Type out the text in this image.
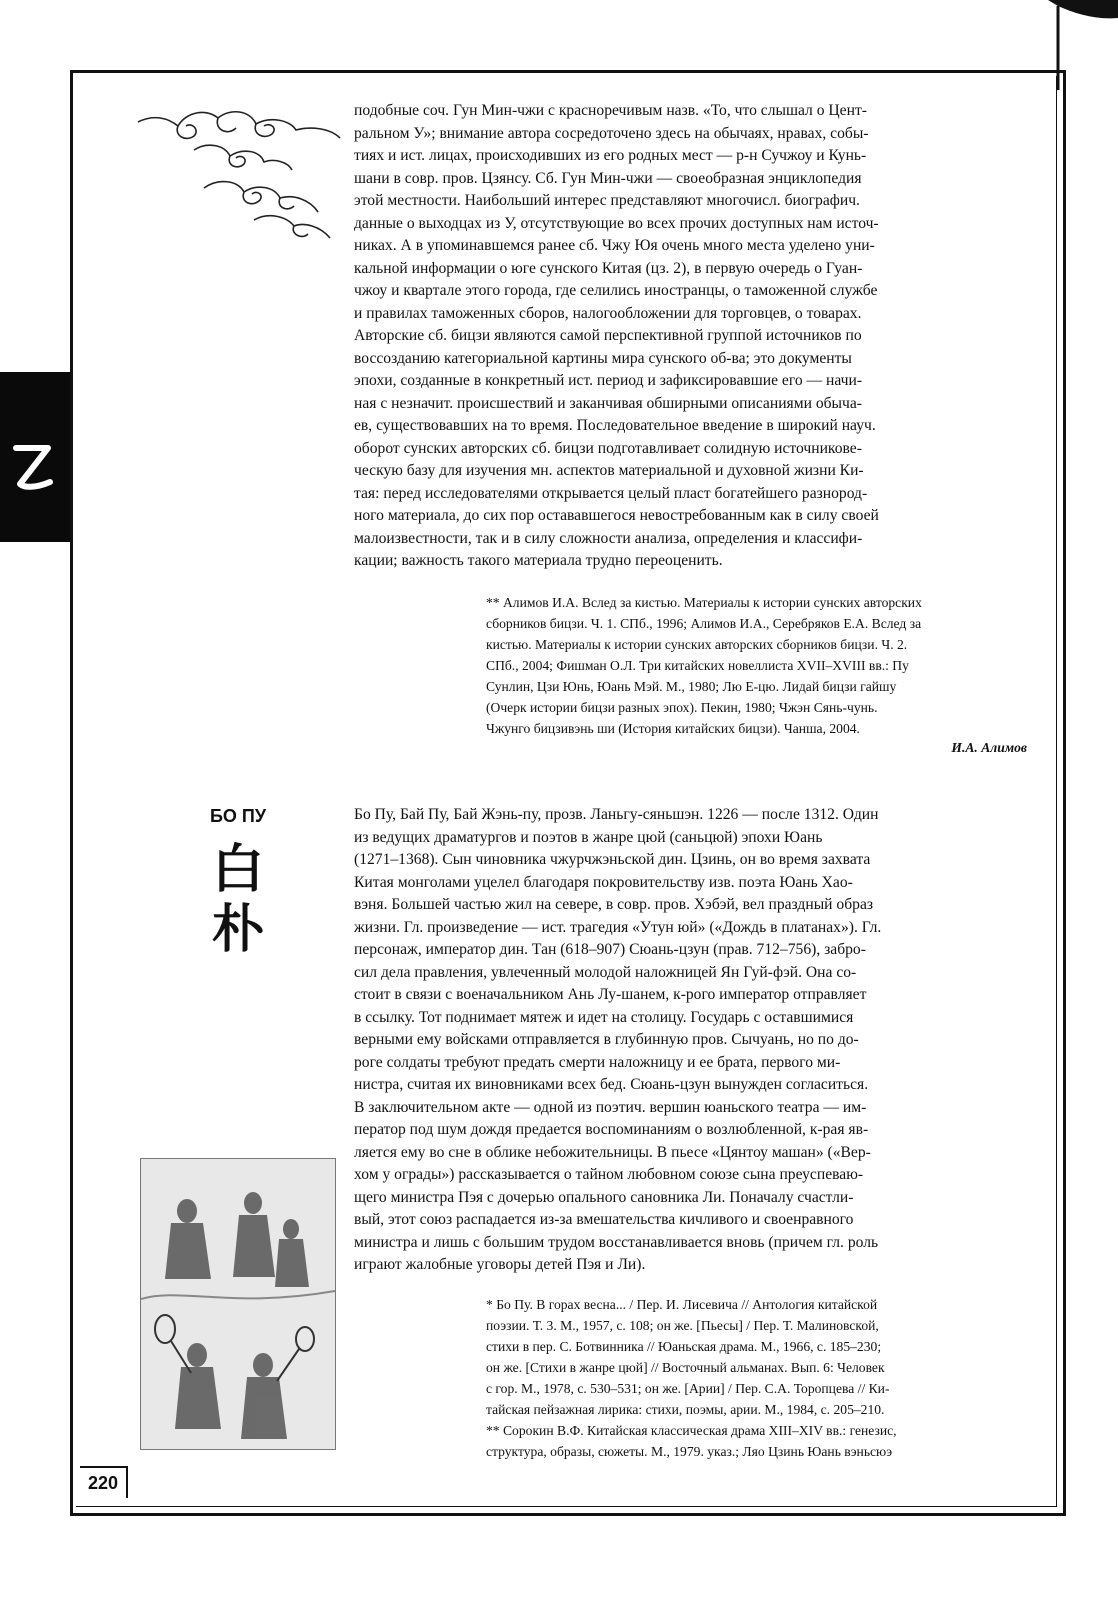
подобные соч. Гун Мин-чжи с красноречивым назв. «То, что слышал о Цент-

ральном У»; внимание автора сосредоточено здесь на обычаях, нравах, собы-

тиях и ист. лицах, происходивших из его родных мест — р-н Сучжоу и Кунь-

шани в совр. пров. Цзянсу. Сб. Гун Мин-чжи — своеобразная энциклопедия

этой местности. Наибольший интерес представляют многочисл. биографич.

данные о выходцах из У, отсутствующие во всех прочих доступных нам источ-

никах. А в упоминавшемся ранее сб. Чжу Юя очень много места уделено уни-

кальной информации о юге сунского Китая (цз. 2), в первую очередь о Гуан-

чжоу и квартале этого города, где селились иностранцы, о таможенной службе

и правилах таможенных сборов, налогообложении для торговцев, о товарах.

Авторские сб. бицзи являются самой перспективной группой источников по

воссозданию категориальной картины мира сунского об-ва; это документы

эпохи, созданные в конкретный ист. период и зафиксировавшие его — начи-

ная с незначит. происшествий и заканчивая обширными описаниями обыча-

ев, существовавших на то время. Последовательное введение в широкий науч.

оборот сунских авторских сб. бицзи подготавливает солидную источникове-

ческую базу для изучения мн. аспектов материальной и духовной жизни Ки-

тая: перед исследователями открывается целый пласт богатейшего разнород-

ного материала, до сих пор остававшегося невостребованным как в силу своей

малоизвестности, так и в силу сложности анализа, определения и классифи-

кации; важность такого материала трудно переоценить.

** Алимов И.А. Вслед за кистью. Материалы к истории сунских авторских

сборников бицзи. Ч. 1. СПб., 1996; Алимов И.А., Серебряков Е.А. Вслед за

кистью. Материалы к истории сунских авторских сборников бицзи. Ч. 2.

СПб., 2004; Фишман О.Л. Три китайских новеллиста XVII–XVIII вв.: Пу

Сунлин, Цзи Юнь, Юань Мэй. М., 1980; Лю Е-цю. Лидай бицзи гайшу

(Очерк истории бицзи разных эпох). Пекин, 1980; Чжэн Сянь-чунь.

Чжунго бицзивэнь ши (История китайских бицзи). Чанша, 2004.

И.А. Алимов
БО ПУ
白
朴

Бо Пу, Бай Пу, Бай Жэнь-пу, прозв. Ланьгу-сяньшэн. 1226 — после 1312. Один

из ведущих драматургов и поэтов в жанре цюй (саньцюй) эпохи Юань

(1271–1368). Сын чиновника чжурчжэньской дин. Цзинь, он во время захвата

Китая монголами уцелел благодаря покровительству изв. поэта Юань Хао-

вэня. Большей частью жил на севере, в совр. пров. Хэбэй, вел праздный образ

жизни. Гл. произведение — ист. трагедия «Утун юй» («Дождь в платанах»). Гл.

персонаж, император дин. Тан (618–907) Сюань-цзун (прав. 712–756), забро-

сил дела правления, увлеченный молодой наложницей Ян Гуй-фэй. Она со-

стоит в связи с военачальником Ань Лу-шанем, к-рого император отправляет

в ссылку. Тот поднимает мятеж и идет на столицу. Государь с оставшимися

верными ему войсками отправляется в глубинную пров. Сычуань, но по до-

роге солдаты требуют предать смерти наложницу и ее брата, первого ми-

нистра, считая их виновниками всех бед. Сюань-цзун вынужден согласиться.

В заключительном акте — одной из поэтич. вершин юаньского театра — им-

ператор под шум дождя предается воспоминаниям о возлюбленной, к-рая яв-

ляется ему во сне в облике небожительницы. В пьесе «Цянтоу машан» («Вер-

хом у ограды») рассказывается о тайном любовном союзе сына преуспеваю-

щего министра Пэя с дочерью опального сановника Ли. Поначалу счастли-

вый, этот союз распадается из-за вмешательства кичливого и своенравного

министра и лишь с большим трудом восстанавливается вновь (причем гл. роль

играют жалобные уговоры детей Пэя и Ли).

* Бо Пу. В горах весна... / Пер. И. Лисевича // Антология китайской

поэзии. Т. 3. М., 1957, с. 108; он же. [Пьесы] / Пер. Т. Малиновской,

стихи в пер. С. Ботвинника // Юаньская драма. М., 1966, с. 185–230;

он же. [Стихи в жанре цюй] // Восточный альманах. Вып. 6: Человек

с гор. М., 1978, с. 530–531; он же. [Арии] / Пер. С.А. Торопцева // Ки-

тайская пейзажная лирика: стихи, поэмы, арии. М., 1984, с. 205–210.

** Сорокин В.Ф. Китайская классическая драма XIII–XIV вв.: генезис,

структура, образы, сюжеты. М., 1979. указ.; Ляо Цзинь Юань вэньсюэ

220
